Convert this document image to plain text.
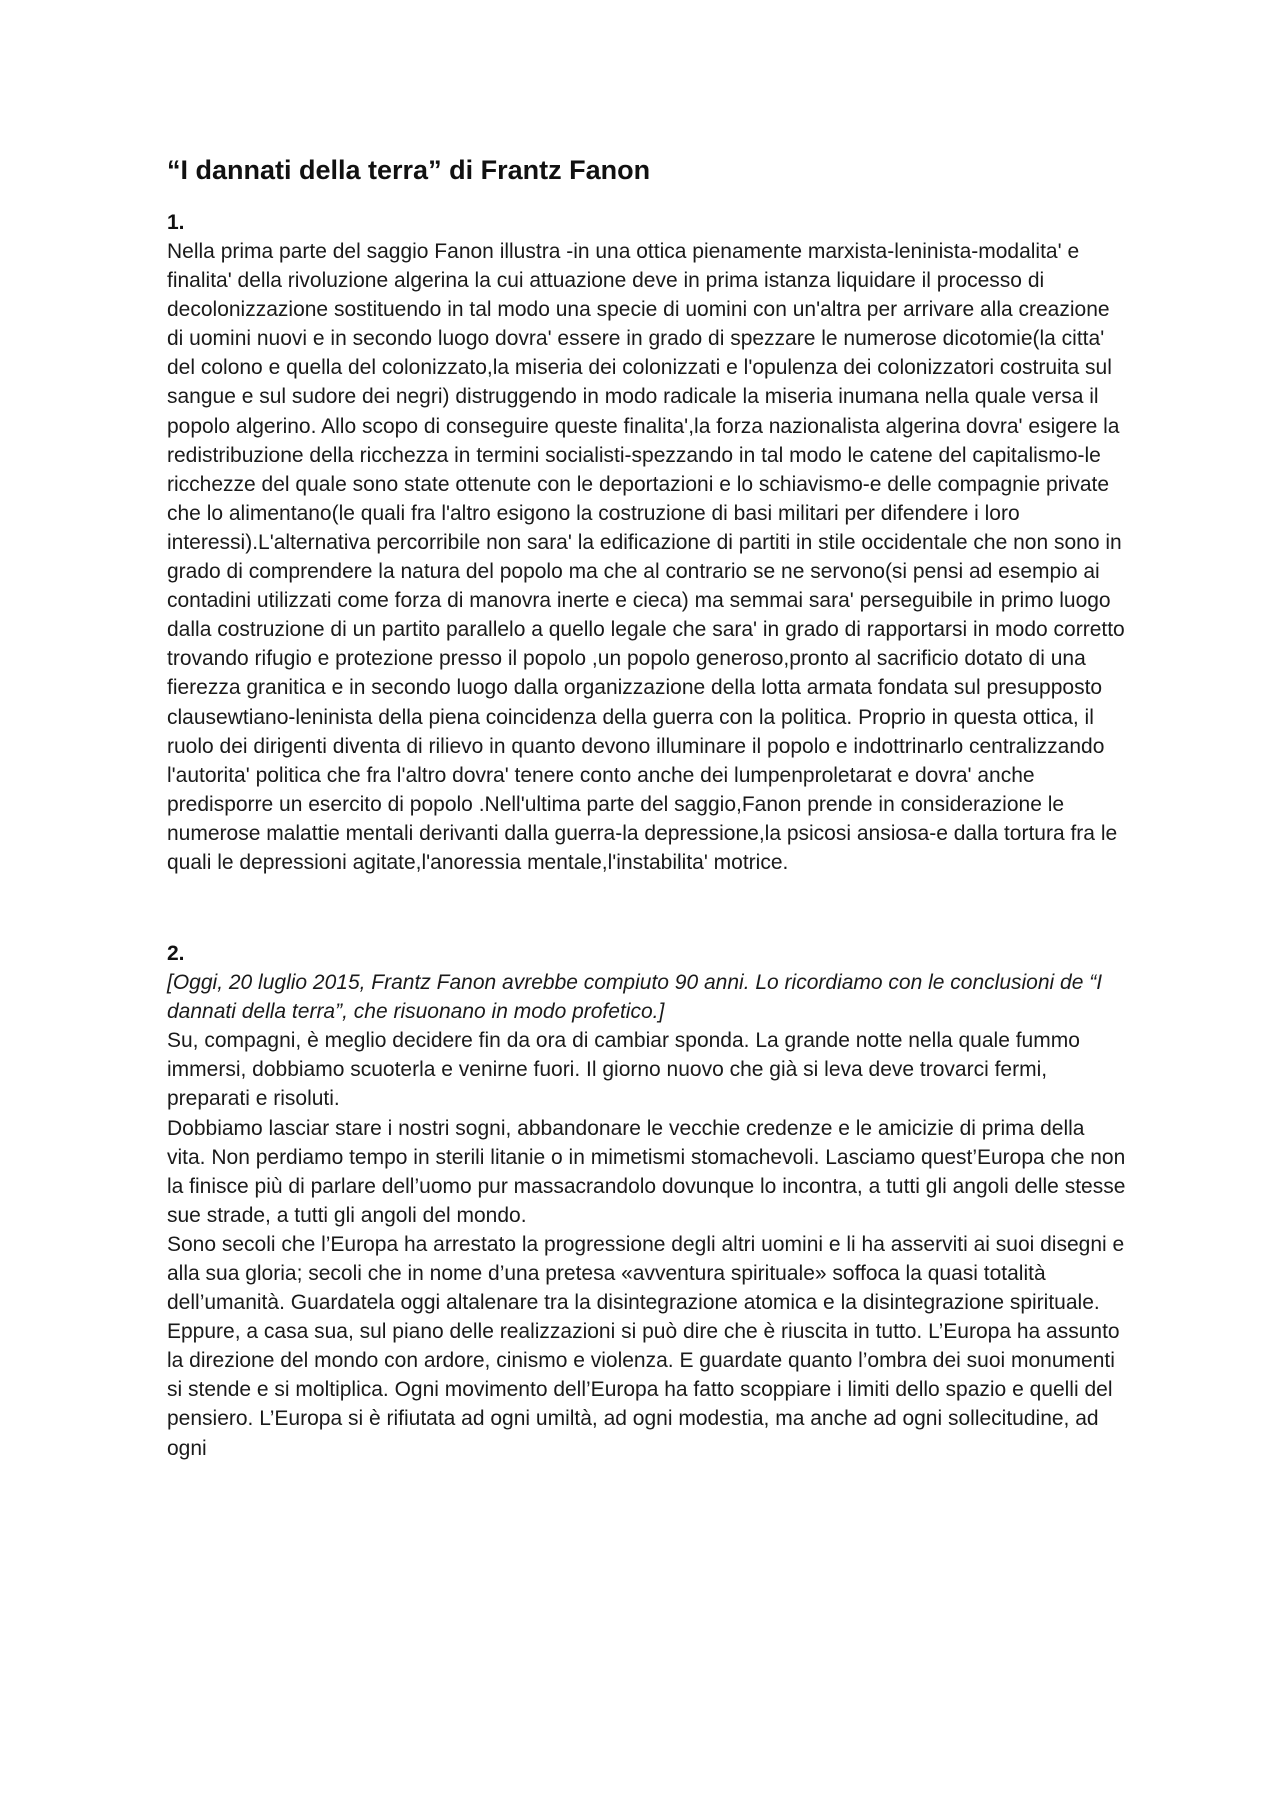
“I dannati della terra” di Frantz Fanon
1.

Nella prima parte del saggio Fanon illustra -in una ottica pienamente marxista-leninista-modalita' e finalita' della rivoluzione algerina la cui attuazione deve in prima istanza liquidare il processo di decolonizzazione sostituendo in tal modo una specie di uomini con un'altra per arrivare alla creazione di uomini nuovi e in secondo luogo dovra' essere in grado di spezzare le numerose dicotomie(la citta' del colono e quella del colonizzato,la miseria dei colonizzati e l'opulenza dei colonizzatori costruita sul sangue e sul sudore dei negri) distruggendo in modo radicale la miseria inumana nella quale versa il popolo algerino. Allo scopo di conseguire queste finalita',la forza nazionalista algerina dovra' esigere la redistribuzione della ricchezza in termini socialisti-spezzando in tal modo le catene del capitalismo-le ricchezze del quale sono state ottenute con le deportazioni e lo schiavismo-e delle compagnie private che lo alimentano(le quali fra l'altro esigono la costruzione di basi militari per difendere i loro interessi).L'alternativa percorribile non sara' la edificazione di partiti in stile occidentale che non sono in grado di comprendere la natura del popolo ma che al contrario se ne servono(si pensi ad esempio ai contadini utilizzati come forza di manovra inerte e cieca) ma semmai sara' perseguibile in primo luogo dalla costruzione di un partito parallelo a quello legale che sara' in grado di rapportarsi in modo corretto trovando rifugio e protezione presso il popolo ,un popolo generoso,pronto al sacrificio dotato di una fierezza granitica e in secondo luogo dalla organizzazione della lotta armata fondata sul presupposto clausewtiano-leninista della piena coincidenza della guerra con la politica. Proprio in questa ottica, il ruolo dei dirigenti diventa di rilievo in quanto devono illuminare il popolo e indottrinarlo centralizzando l'autorita' politica che fra l'altro dovra' tenere conto anche dei lumpenproletarat e dovra' anche predisporre un esercito di popolo .Nell'ultima parte del saggio,Fanon prende in considerazione le numerose malattie mentali derivanti dalla guerra-la depressione,la psicosi ansiosa-e dalla tortura fra le quali le depressioni agitate,l'anoressia mentale,l'instabilita' motrice.

2.

[Oggi, 20 luglio 2015, Frantz Fanon avrebbe compiuto 90 anni. Lo ricordiamo con le conclusioni de “I dannati della terra”, che risuonano in modo profetico.]

Su, compagni, è meglio decidere fin da ora di cambiar sponda. La grande notte nella quale fummo immersi, dobbiamo scuoterla e venirne fuori. Il giorno nuovo che già si leva deve trovarci fermi, preparati e risoluti.

Dobbiamo lasciar stare i nostri sogni, abbandonare le vecchie credenze e le amicizie di prima della vita. Non perdiamo tempo in sterili litanie o in mimetismi stomachevoli. Lasciamo quest’Europa che non la finisce più di parlare dell’uomo pur massacrandolo dovunque lo incontra, a tutti gli angoli delle stesse sue strade, a tutti gli angoli del mondo.

Sono secoli che l’Europa ha arrestato la progressione degli altri uomini e li ha asserviti ai suoi disegni e alla sua gloria; secoli che in nome d’una pretesa «avventura spirituale» soffoca la quasi totalità dell’umanità. Guardatela oggi altalenare tra la disintegrazione atomica e la disintegrazione spirituale.

Eppure, a casa sua, sul piano delle realizzazioni si può dire che è riuscita in tutto. L’Europa ha assunto la direzione del mondo con ardore, cinismo e violenza. E guardate quanto l’ombra dei suoi monumenti si stende e si moltiplica. Ogni movimento dell’Europa ha fatto scoppiare i limiti dello spazio e quelli del pensiero. L’Europa si è rifiutata ad ogni umiltà, ad ogni modestia, ma anche ad ogni sollecitudine, ad ogni
